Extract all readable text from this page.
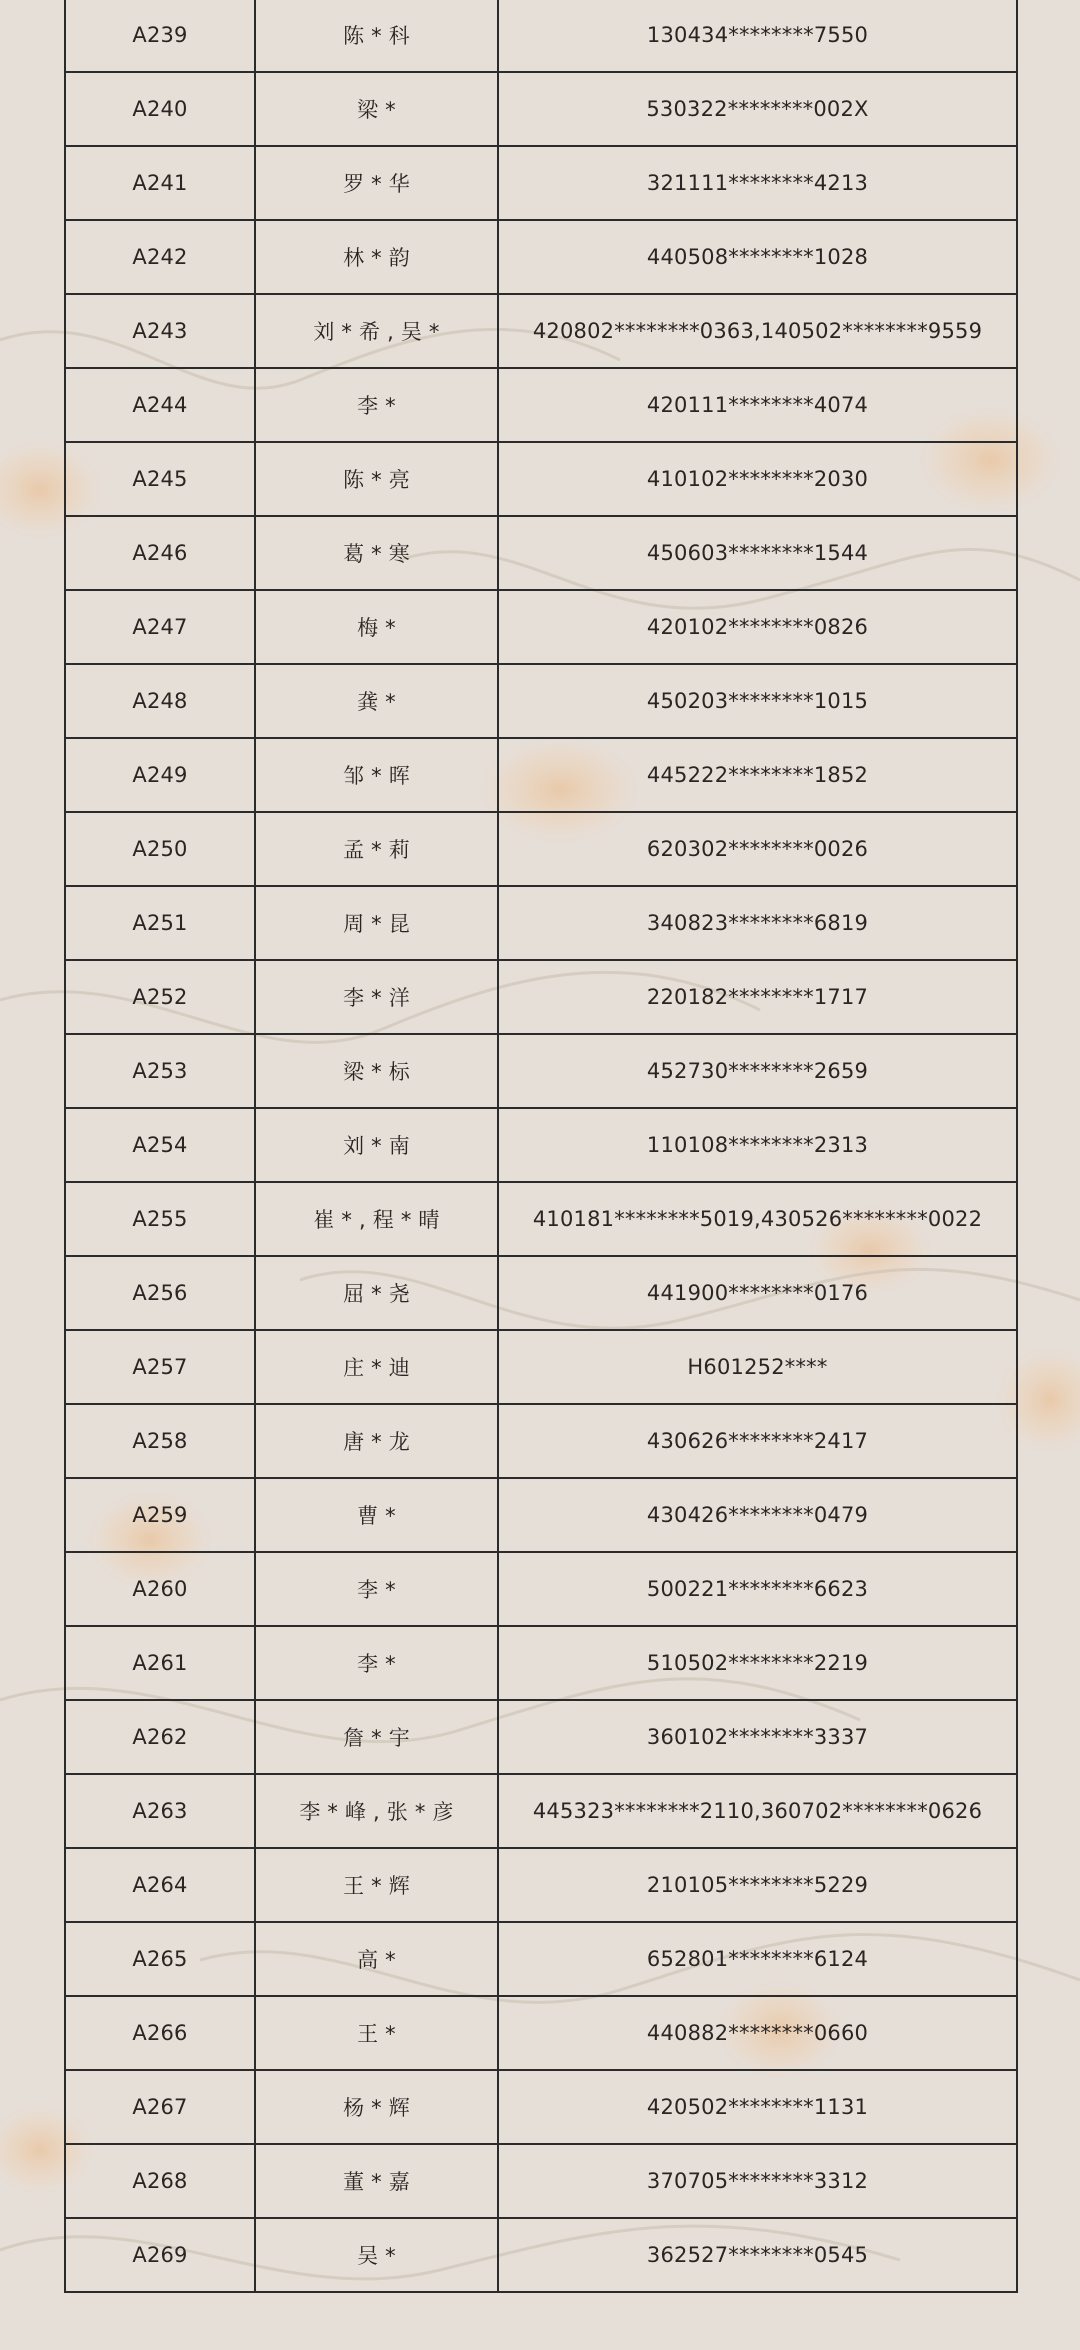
A239	陈 * 科	130434********7550
A240	梁 *	530322********002X
A241	罗 * 华	321111********4213
A242	林 * 韵	440508********1028
A243	刘 * 希 , 吴 *	420802********0363,140502********9559
A244	李 *	420111********4074
A245	陈 * 亮	410102********2030
A246	葛 * 寒	450603********1544
A247	梅 *	420102********0826
A248	龚 *	450203********1015
A249	邹 * 晖	445222********1852
A250	孟 * 莉	620302********0026
A251	周 * 昆	340823********6819
A252	李 * 洋	220182********1717
A253	梁 * 标	452730********2659
A254	刘 * 南	110108********2313
A255	崔 * , 程 * 晴	410181********5019,430526********0022
A256	屈 * 尧	441900********0176
A257	庄 * 迪	H601252****
A258	唐 * 龙	430626********2417
A259	曹 *	430426********0479
A260	李 *	500221********6623
A261	李 *	510502********2219
A262	詹 * 宇	360102********3337
A263	李 * 峰 , 张 * 彦	445323********2110,360702********0626
A264	王 * 辉	210105********5229
A265	高 *	652801********6124
A266	王 *	440882********0660
A267	杨 * 辉	420502********1131
A268	董 * 嘉	370705********3312
A269	吴 *	362527********0545
